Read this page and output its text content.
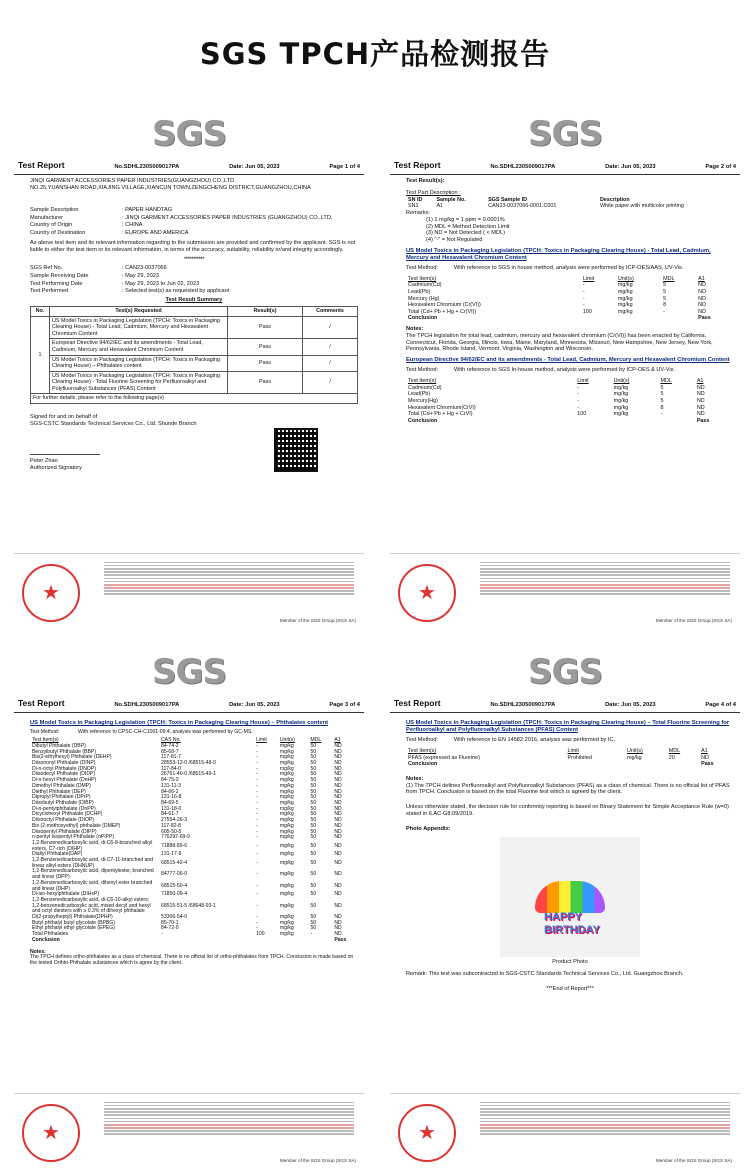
SGS TPCH产品检测报告
SGS
Test Report	No.SDHL2305009017PA	Date: Jun 05, 2023	Page 1 of 4
JINQI GARMENT ACCESSORIES PAPER INDUSTRIES(GUANGZHOU) CO.,LTD.
NO.25,YUANSHAN ROAD,XIAJING VILLAGE,XIANCUN TOWN,ZENGCHENG DISTRICT,GUANGZHOU,CHINA
Sample Description	: PAPER HANDTAG
Manufacturer	: JINQI GARMENT ACCESSORIES PAPER INDUSTRIES (GUANGZHOU) CO.,LTD.
Country of Origin	: CHINA
Country of Destination	: EUROPE AND AMERICA
As above test item and its relevant information regarding to the submission are provided and confirmed by the applicant. SGS is not liable to either the test item or its relevant information, in terms of the accuracy, suitability, reliability or/and integrity accordingly.
***********
SGS Ref No.	: CAN23-0037066
Sample Receiving Date	: May 29, 2023
Test Performing Date	: May 29, 2023 to Jun 02, 2023
Test Performed	: Selected test(s) as requested by applicant
Test Result Summary
No.	Test(s) Requested	Result(s)	Comments
1	US Model Toxics in Packaging Legislation (TPCH: Toxics in Packaging Clearing House) - Total Lead, Cadmium, Mercury and Hexavalent Chromium Content	Pass	/
	European Directive 94/62/EC and its amendments - Total Lead, Cadmium, Mercury and Hexavalent Chromium Content	Pass	/
	US Model Toxics in Packaging Legislation (TPCH: Toxics in Packaging Clearing House) – Phthalates content	Pass	/
	US Model Toxics in Packaging Legislation (TPCH: Toxics in Packaging Clearing House) - Total Fluorine Screening for Perfluoroalkyl and Polyfluoroalkyl Substances (PFAS) Content	Pass	/
For further details, please refer to the following page(s)			
Signed for and on behalf of
SGS-CSTC Standards Technical Services Co., Ltd. Shunde Branch
Peter Zhao
Authorized Signatory
★
Member of the SGS Group (SGS SA)
SGS
Test Report	No.SDHL2305009017PA	Date: Jun 05, 2023	Page 2 of 4
Test Result(s):
Test Part Description :
SN ID	Sample No.	SGS Sample ID	Description
SN1	A1	CAN23-0037066-0001.C001	White paper with multicolor printing
Remarks:
(1) 1 mg/kg = 1 ppm = 0.0001%
(2) MDL = Method Detection Limit
(3) ND = Not Detected ( < MDL)
(4) "-" = Not Regulated
US Model Toxics in Packaging Legislation (TPCH: Toxics in Packaging Clearing House) - Total Lead, Cadmium, Mercury and Hexavalent Chromium Content
Test Method:	With reference to SGS in house method, analysis were performed by ICP-OES/AAS, UV-Vis.
Test Item(s)	Limit	Unit(s)	MDL	A1
Cadmium(Cd)	-	mg/kg	5	ND
Lead(Pb)	-	mg/kg	5	ND
Mercury (Hg)	-	mg/kg	5	ND
Hexavalent Chromium (Cr(VI))	-	mg/kg	8	ND
Total (Cd+ Pb + Hg + Cr(VI))	100	mg/kg	-	ND
Conclusion				Pass
Notes:
The TPCH legislation for total lead, cadmium, mercury and hexavalent chromium (Cr(VI)) has been enacted by California, Connecticut, Florida, Georgia, Illinois, Iowa, Maine, Maryland, Minnesota, Missouri, New Hampshire, New Jersey, New York, Pennsylvania, Rhode Island, Vermont, Virginia, Washington and Wisconsin.
European Directive 94/62/EC and its amendments - Total Lead, Cadmium, Mercury and Hexavalent Chromium Content
Test Method:	With reference to SGS In-house method, analysis were performed by ICP-OES & UV-Vis.
Test Item(s)	Limit	Unit(s)	MDL	A1
Cadmium(Cd)	-	mg/kg	5	ND
Lead(Pb)	-	mg/kg	5	ND
Mercury(Hg)	-	mg/kg	5	ND
Hexavalent Chromium(CrVI)	-	mg/kg	8	ND
Total (Cd+ Pb + Hg + CrVI)	100	mg/kg	-	ND
Conclusion				Pass
★
Member of the SGS Group (SGS SA)
SGS
Test Report	No.SDHL2305009017PA	Date: Jun 05, 2023	Page 3 of 4
US Model Toxics in Packaging Legislation (TPCH: Toxics in Packaging Clearing House) – Phthalates content
Test Method:	With reference to CPSC-CH-C1001-09.4, analysis was performed by GC-MS.
Test Item(s)	CAS No.	Limit	Unit(s)	MDL	A1
Dibutyl Phthalate (DBP)	84-74-2	-	mg/kg	50	ND
Benzylbutyl Phthalate (BBP)	85-68-7	-	mg/kg	50	ND
Bis(2-ethylhexyl) Phthalate (DEHP)	117-81-7	-	mg/kg	50	ND
Diisononyl Phthalate (DINP)	28553-12-0 /68515-48-0	-	mg/kg	50	ND
Di-n-octyl Phthalate (DNOP)	117-84-0	-	mg/kg	50	ND
Diisodecyl Phthalate (DIDP)	26761-40-0 /68515-49-1	-	mg/kg	50	ND
Di-n-hexyl Phthalate (DnHP)	84-75-3	-	mg/kg	50	ND
Dimethyl Phthalate (DMP)	131-11-3	-	mg/kg	50	ND
Diethyl Phthalate (DEP)	84-66-2	-	mg/kg	50	ND
Dipropyl Phthalate (DPrP)	131-16-8	-	mg/kg	50	ND
Diisobutyl Phthalate (DIBP)	84-69-5	-	mg/kg	50	ND
Di-n-pentylphthalate (DnPP)	131-18-0	-	mg/kg	50	ND
Dicyclohexyl Phthalate (DCHP)	84-61-7	-	mg/kg	50	ND
Diisooctyl Phthalate (DIOP)	27554-26-3	-	mg/kg	50	ND
Bis (2-methoxyethyl) phthalate (DMEP)	117-82-8	-	mg/kg	50	ND
Diisopentyl Phthalate (DIPP)	605-50-5	-	mg/kg	50	ND
n-pentyl Isopentyl Phthalate (nPIPP)	776297-69-9	-	mg/kg	50	ND
1,2-Benzenedicarboxylic acid, di-C6-8-branched alkyl esters, C7-rich (DIHP)	71888-89-6	-	mg/kg	50	ND
Diallyl Phthalate(DAP)	131-17-9	-	mg/kg	50	ND
1,2-Benzenedicarboxylic acid, di-C7-11-branched and linear alkyl esters (DHNUP)	68515-42-4	-	mg/kg	50	ND
1,2-Benzenedicarboxylic acid, dipentylester, branched and linear (DPP)	84777-06-0	-	mg/kg	50	ND
1,2-Benzenedicarboxylic acid, dihexyl ester branched and linear (DHP)	68515-50-4	-	mg/kg	50	ND
Di-iso-hexylphthalate (DIHxP)	71850-09-4	-	mg/kg	50	ND
1,2-Benzenedicarboxylic acid, di-C6-10-alkyl esters; 1,2-benzenedicarboxylic acid, mixed decyl and hexyl and octyl diesters with ≥ 0.3% of dihexyl phthalate	68515-51-5 /68648-93-1	-	mg/kg	50	ND
Di(2-propylheptyl) Phthalate(DPHP)	53306-54-0	-	mg/kg	50	ND
Butyl phthalyl butyl glycolate (BPBG)	85-70-1	-	mg/kg	50	ND
Ethyl phthalyl ethyl glycolate (EPEG)	84-72-0	-	mg/kg	50	ND
Total Phthalates	-	100	mg/kg	-	ND
Conclusion					Pass
Notes:
The TPCH defines ortho-phthalates as a class of chemical. There is no official list of ortho-phthalates from TPCH. Conclusion is made based on the tested Orthto-Phthalate substances which is agree by the client.
★
Member of the SGS Group (SGS SA)
SGS
Test Report	No.SDHL2305009017PA	Date: Jun 05, 2023	Page 4 of 4
US Model Toxics in Packaging Legislation (TPCH: Toxics in Packaging Clearing House) – Total Fluorine Screening for Perfluoroalkyl and Polyfluoroalkyl Substances (PFAS) Content
Test Method:	With reference to EN 14582:2016, analysis was performed by IC.
Test Item(s)	Limit	Unit(s)	MDL	A1
PFAS (expressed as Fluorine)	Prohibited	mg/kg	20	ND
Conclusion				Pass
Notes:
(1) The TPCH defines Perfluoroalkyl and Polyfluoroalkyl Substances (PFAS) as a class of chemical. There is no official list of PFAS from TPCH. Conclusion is based on the total Fluorine test which is agreed by the client.
Unless otherwise stated, the decision rule for conformity reporting is based on Binary Statement for Simple Acceptance Rule (w=0) stated in ILAC-G8:09/2019.
Photo Appendix:
HAPPY BIRTHDAY
Product Photo
Remark: This test was subcontracted to SGS-CSTC Standards Technical Services Co., Ltd. Guangzhou Branch.
***End of Report***
★
Member of the SGS Group (SGS SA)
